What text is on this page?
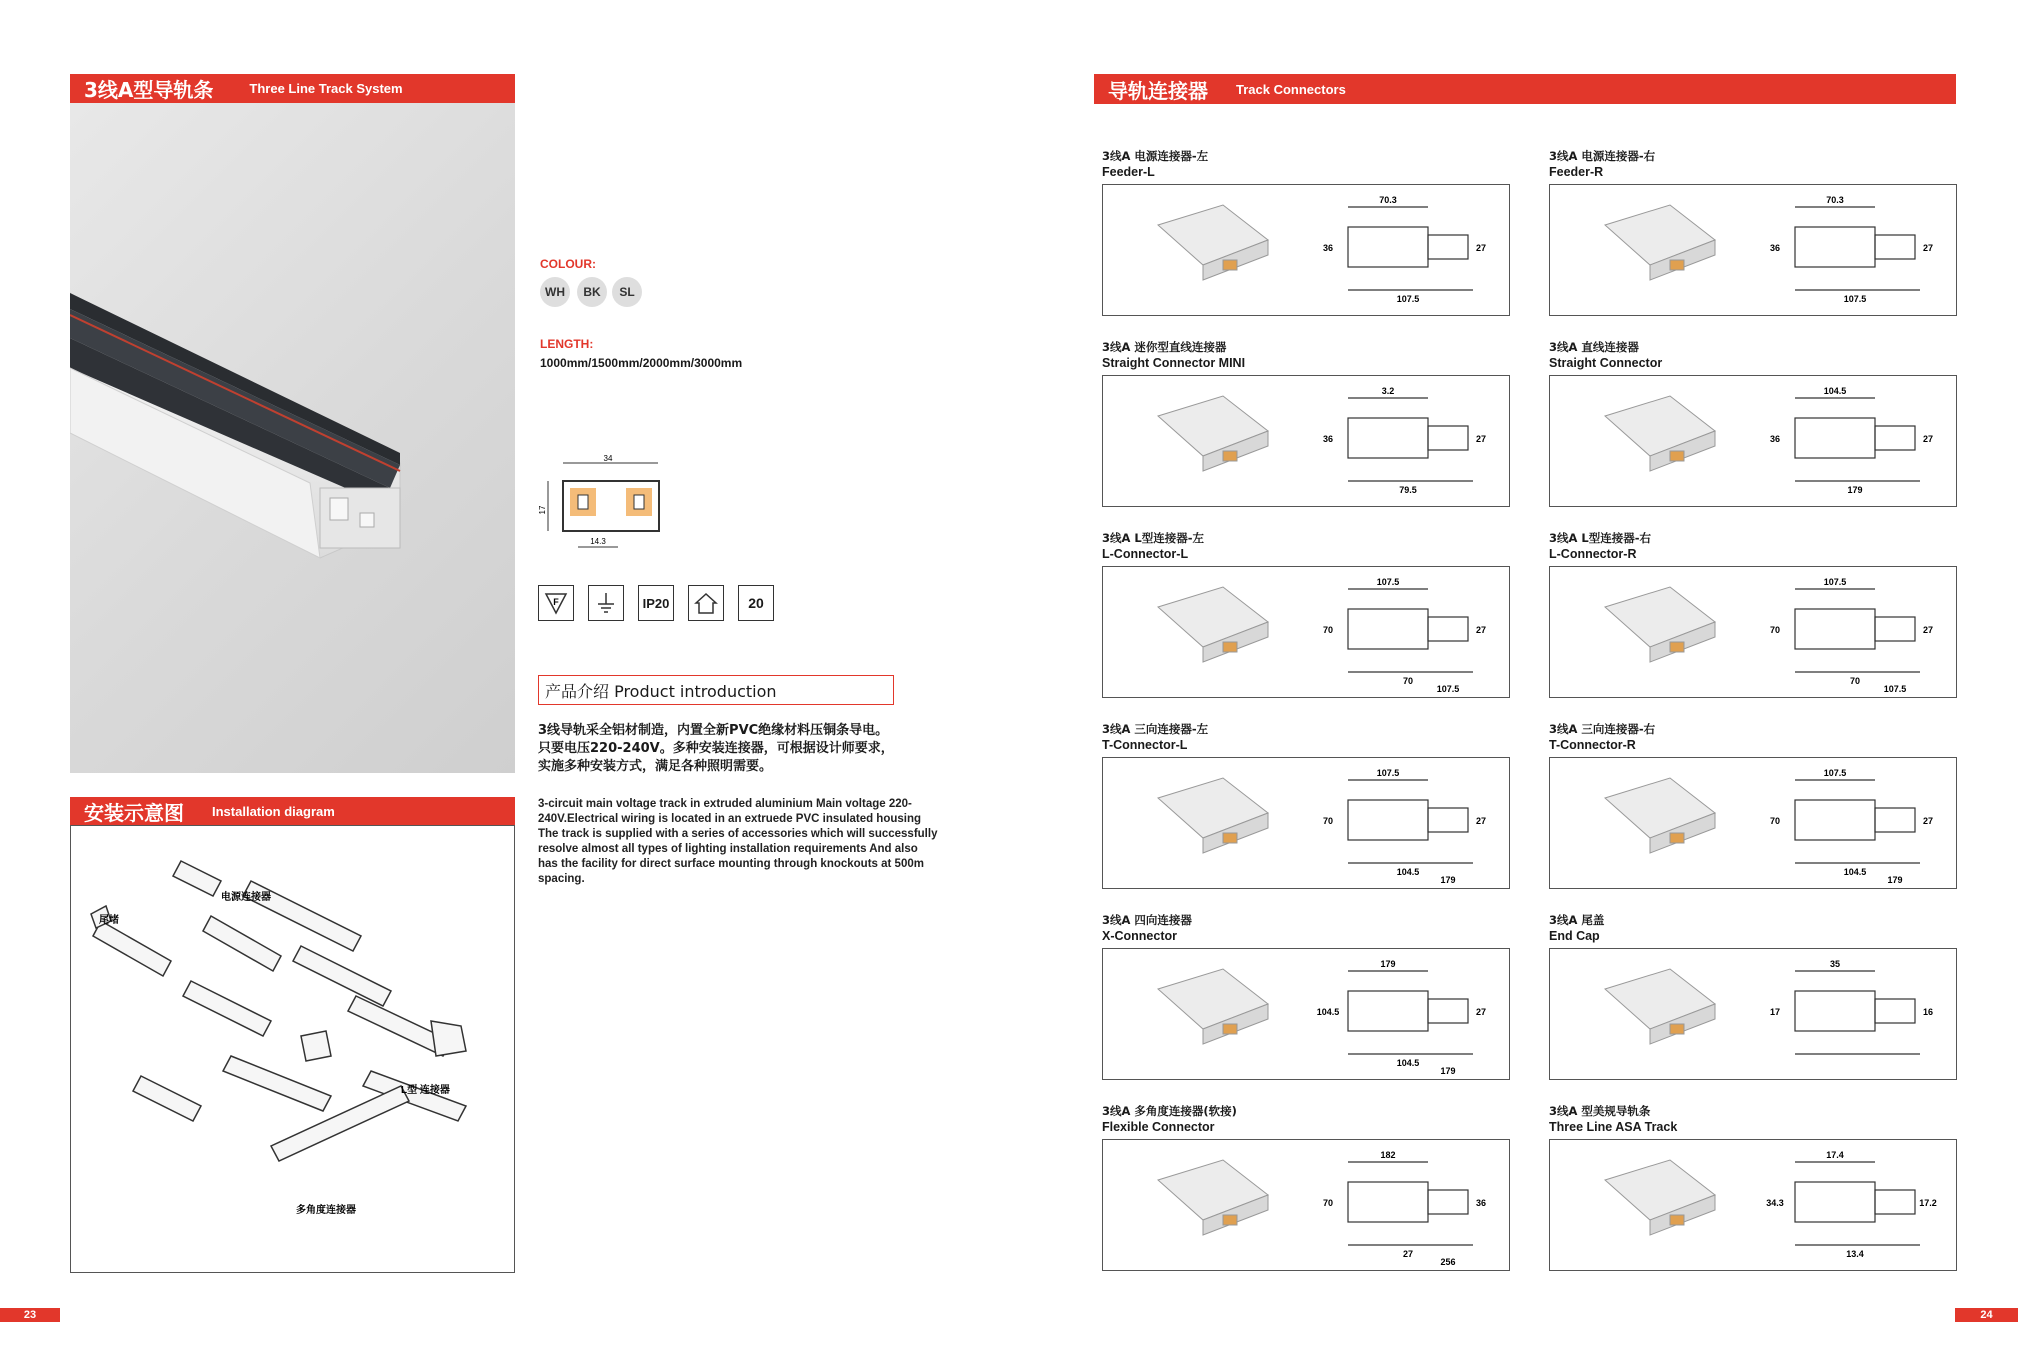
3线A型导轨条	Three Line Track System
COLOUR:
WH	BK	SL
LENGTH:
1000mm/1500mm/2000mm/3000mm
34
17
14.3
F	IP20	20
产品介绍 Product introduction
3线导轨采全铝材制造，内置全新PVC绝缘材料压铜条导电。
只要电压220-240V。多种安装连接器，可根据设计师要求，
实施多种安装方式，满足各种照明需要。
3-circuit main voltage track in extruded aluminium Main voltage 220-
240V.Electrical wiring is located in an extruede PVC insulated housing
The track is supplied with a series of accessories which will successfully
resolve almost all types of lighting installation requirements And also
has the facility for direct surface mounting through knockouts at 500m
spacing.
安装示意图 Installation diagram
电源连接器
尾堵
L型 连接器
多角度连接器
23
导轨连接器 Track Connectors
3线A 电源连接器-左
Feeder-L
70.3
36	27
107.5
3线A 电源连接器-右
Feeder-R
70.3
36	27
107.5
3线A 迷你型直线连接器
Straight Connector MINI
3.2
36	27
79.5
3线A 直线连接器
Straight Connector
104.5
36	27
179
3线A L型连接器-左
L-Connector-L
107.5
70	27
70
107.5
3线A L型连接器-右
L-Connector-R
107.5
70	27
70
107.5
3线A 三向连接器-左
T-Connector-L
107.5
70	27
104.5
179
3线A 三向连接器-右
T-Connector-R
107.5
70	27
104.5
179
3线A 四向连接器
X-Connector
179
104.5	27
104.5
179
3线A 尾盖
End Cap
35
17	16
3线A 多角度连接器(软接)
Flexible Connector
182
70	36
27
256
3线A 型美规导轨条
Three Line ASA Track
17.4
34.3	17.2
13.4
24
